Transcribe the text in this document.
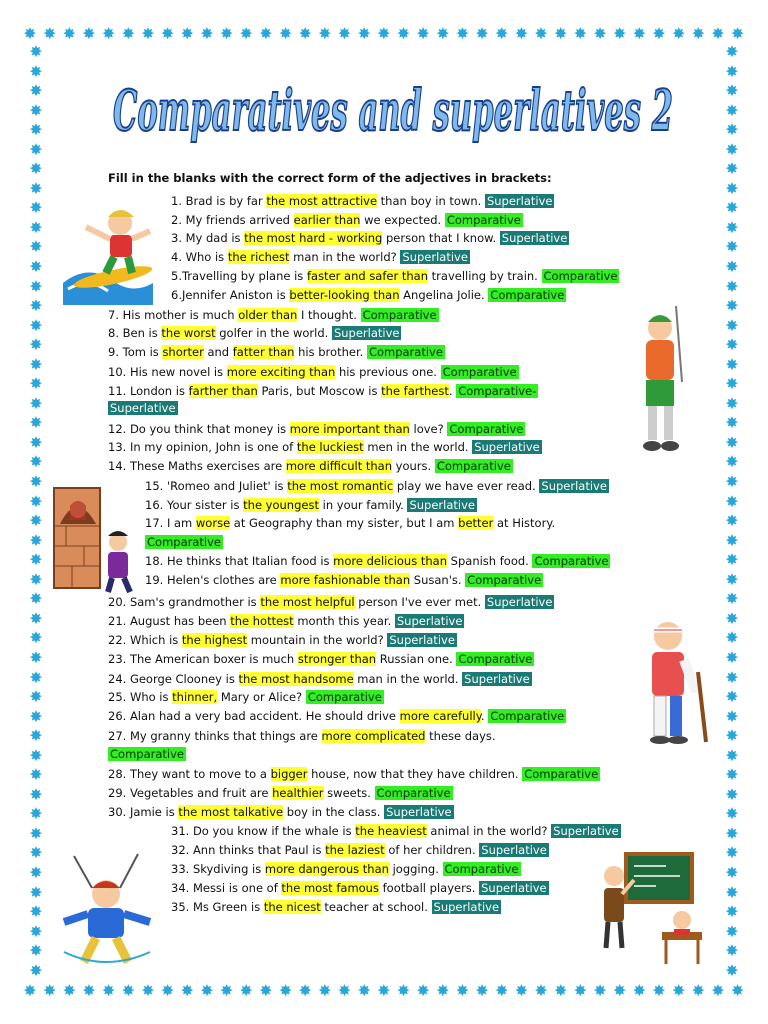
✸ ✸ ✸ ✸ ✸ ✸ ✸ ✸ ✸ ✸ ✸ ✸ ✸ ✸ ✸ ✸ ✸ ✸ ✸ ✸ ✸ ✸ ✸ ✸ ✸ ✸ ✸ ✸ ✸ ✸ ✸ ✸ ✸ ✸ ✸ ✸ ✸
✸ ✸ ✸ ✸ ✸ ✸ ✸ ✸ ✸ ✸ ✸ ✸ ✸ ✸ ✸ ✸ ✸ ✸ ✸ ✸ ✸ ✸ ✸ ✸ ✸ ✸ ✸ ✸ ✸ ✸ ✸ ✸ ✸ ✸ ✸ ✸ ✸
✸
✸
✸
✸
✸
✸
✸
✸
✸
✸
✸
✸
✸
✸
✸
✸
✸
✸
✸
✸
✸
✸
✸
✸
✸
✸
✸
✸
✸
✸
✸
✸
✸
✸
✸
✸
✸
✸
✸
✸
✸
✸
✸
✸
✸
✸
✸
✸
✸
✸
✸
✸
✸
✸
✸
✸
✸
✸
✸
✸
✸
✸
✸
✸
✸
✸
✸
✸
✸
✸
✸
✸
✸
✸
✸
✸
✸
✸
✸
✸
✸
✸
✸
✸
✸
✸
✸
✸
✸
✸
✸
✸
✸
✸
✸
✸
Comparatives and superlatives 2
Fill in the blanks with the correct form of the adjectives in brackets:
1. Brad is by far the most attractive than boy in town. Superlative
2. My friends arrived earlier than we expected. Comparative
3. My dad is the most hard - working person that I know. Superlative
4. Who is the richest man in the world? Superlative
5.Travelling by plane is faster and safer than travelling by train. Comparative
6.Jennifer Aniston is better-looking than Angelina Jolie. Comparative
7. His mother is much older than I thought. Comparative
8. Ben is the worst golfer in the world. Superlative
9. Tom is shorter and fatter than his brother. Comparative
10. His new novel is more exciting than his previous one. Comparative
11. London is farther than Paris, but Moscow is the farthest. Comparative-
Superlative
12. Do you think that money is more important than love? Comparative
13. In my opinion, John is one of the luckiest men in the world. Superlative
14. These Maths exercises are more difficult than yours. Comparative
15. 'Romeo and Juliet' is the most romantic play we have ever read. Superlative
16. Your sister is the youngest in your family. Superlative
17. I am worse at Geography than my sister, but I am better at History.
Comparative
18. He thinks that Italian food is more delicious than Spanish food. Comparative
19. Helen's clothes are more fashionable than Susan's. Comparative
20. Sam's grandmother is the most helpful person I've ever met. Superlative
21. August has been the hottest month this year. Superlative
22. Which is the highest mountain in the world? Superlative
23. The American boxer is much stronger than Russian one. Comparative
24. George Clooney is the most handsome man in the world. Superlative
25. Who is thinner, Mary or Alice? Comparative
26. Alan had a very bad accident. He should drive more carefully. Comparative
27. My granny thinks that things are more complicated these days.
Comparative
28. They want to move to a bigger house, now that they have children. Comparative
29. Vegetables and fruit are healthier sweets. Comparative
30. Jamie is the most talkative boy in the class. Superlative
31. Do you know if the whale is the heaviest animal in the world? Superlative
32. Ann thinks that Paul is the laziest of her children. Superlative
33. Skydiving is more dangerous than jogging. Comparative
34. Messi is one of the most famous football players. Superlative
35. Ms Green is the nicest teacher at school. Superlative
